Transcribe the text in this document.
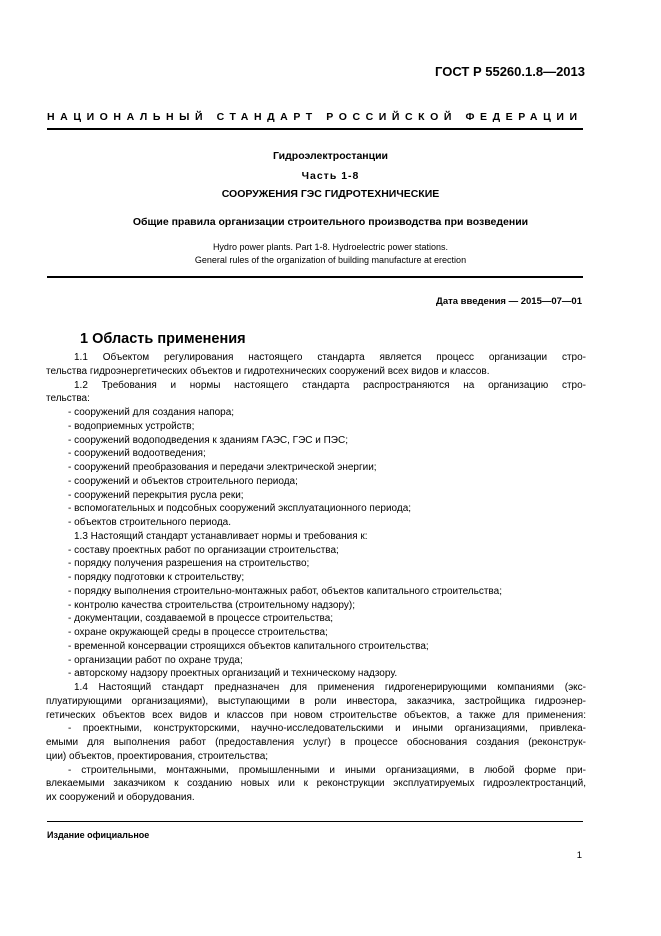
ГОСТ Р 55260.1.8—2013
НАЦИОНАЛЬНЫЙ СТАНДАРТ РОССИЙСКОЙ ФЕДЕРАЦИИ
Гидроэлектростанции
Часть 1-8
СООРУЖЕНИЯ ГЭС ГИДРОТЕХНИЧЕСКИЕ
Общие правила организации строительного производства при возведении
Hydro power plants. Part 1-8. Hydroelectric power stations.
General rules of the organization of building manufacture at erection
Дата введения — 2015—07—01
1 Область применения
1.1 Объектом регулирования настоящего стандарта является процесс организации стро-
тельства гидроэнергетических объектов и гидротехнических сооружений всех видов и классов.
1.2 Требования и нормы настоящего стандарта распространяются на организацию стро-
тельства:
- сооружений для создания напора;
- водоприемных устройств;
- сооружений водоподведения к зданиям ГАЭС, ГЭС и ПЭС;
- сооружений водоотведения;
- сооружений преобразования и передачи электрической энергии;
- сооружений и объектов строительного периода;
- сооружений перекрытия русла реки;
- вспомогательных и подсобных сооружений эксплуатационного периода;
- объектов строительного периода.
1.3 Настоящий стандарт устанавливает нормы и требования к:
- составу проектных работ по организации строительства;
- порядку получения разрешения на строительство;
- порядку подготовки к строительству;
- порядку выполнения строительно-монтажных работ, объектов капитального строительства;
- контролю качества строительства (строительному надзору);
- документации, создаваемой в процессе строительства;
- охране окружающей среды в процессе строительства;
- временной консервации строящихся объектов капитального строительства;
- организации работ по охране труда;
- авторскому надзору проектных организаций и техническому надзору.
1.4 Настоящий стандарт предназначен для применения гидрогенерирующими компаниями (экс-
плуатирующими организациями), выступающими в роли инвестора, заказчика, застройщика гидроэнер-
гетических объектов всех видов и классов при новом строительстве объектов, а также для применения:
- проектными, конструкторскими, научно-исследовательскими и иными организациями, привлека-
емыми для выполнения работ (предоставления услуг) в процессе обоснования создания (реконструк-
ции) объектов, проектирования, строительства;
- строительными, монтажными, промышленными и иными организациями, в любой форме при-
влекаемыми заказчиком к созданию новых или к реконструкции эксплуатируемых гидроэлектростанций,
их сооружений и оборудования.
Издание официальное
1
